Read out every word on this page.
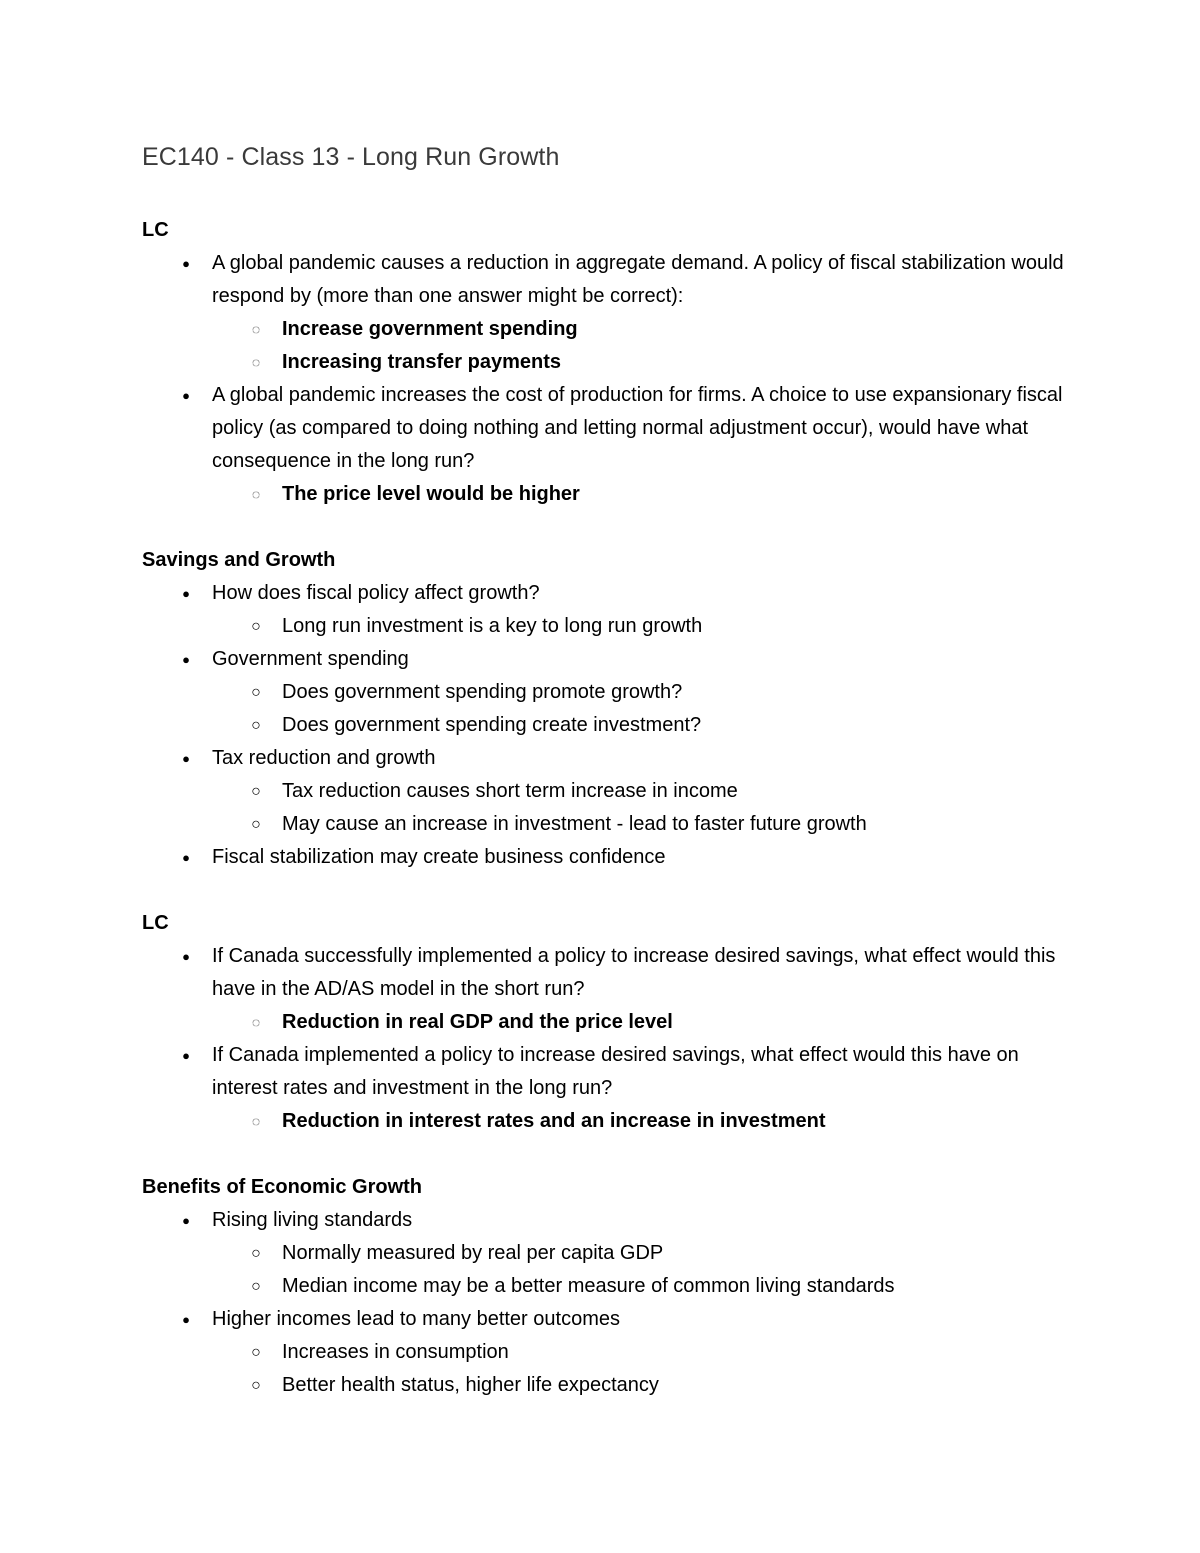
EC140 - Class 13 - Long Run Growth

LC

● A global pandemic causes a reduction in aggregate demand. A policy of fiscal stabilization would respond by (more than one answer might be correct):
◌ Increase government spending
◌ Increasing transfer payments
● A global pandemic increases the cost of production for firms. A choice to use expansionary fiscal policy (as compared to doing nothing and letting normal adjustment occur), would have what consequence in the long run?
◌ The price level would be higher

Savings and Growth

● How does fiscal policy affect growth?
○ Long run investment is a key to long run growth
● Government spending
○ Does government spending promote growth?
○ Does government spending create investment?
● Tax reduction and growth
○ Tax reduction causes short term increase in income
○ May cause an increase in investment - lead to faster future growth
● Fiscal stabilization may create business confidence

LC

● If Canada successfully implemented a policy to increase desired savings, what effect would this have in the AD/AS model in the short run?
◌ Reduction in real GDP and the price level
● If Canada implemented a policy to increase desired savings, what effect would this have on interest rates and investment in the long run?
◌ Reduction in interest rates and an increase in investment

Benefits of Economic Growth

● Rising living standards
○ Normally measured by real per capita GDP
○ Median income may be a better measure of common living standards
● Higher incomes lead to many better outcomes
○ Increases in consumption
○ Better health status, higher life expectancy
